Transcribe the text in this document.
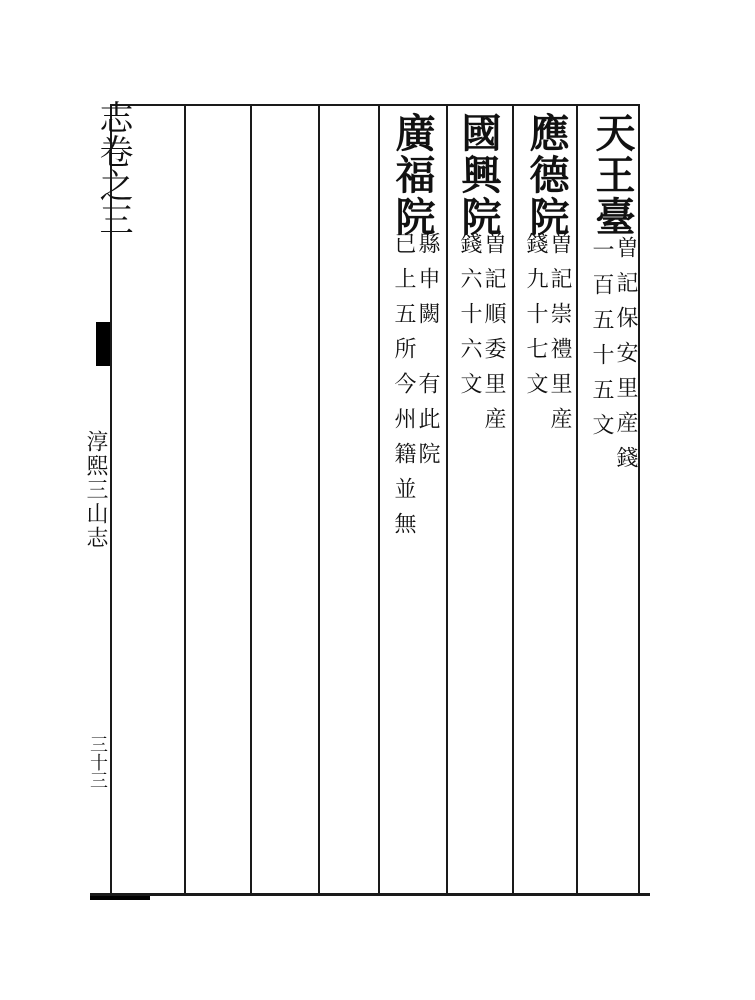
志卷之三
淳熙三山志
三十三
天王臺
曽記保安里産錢
一百五十五文
應德院
曽記崇禮里産
錢九十七文
國興院
曽記順委里産
錢六十六文
廣福院
縣申闕　有此院
已上五所今州籍並無
